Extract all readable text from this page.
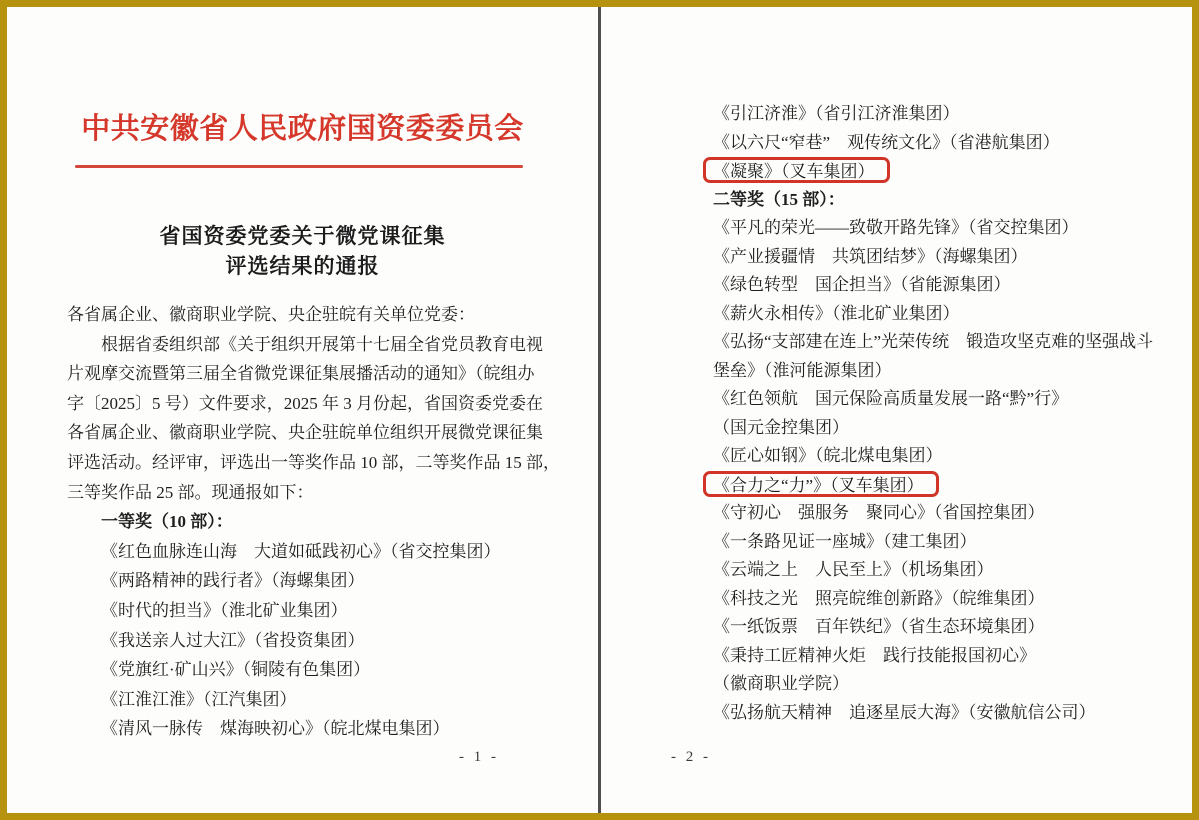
中共安徽省人民政府国资委委员会
省国资委党委关于微党课征集
评选结果的通报
各省属企业、徽商职业学院、央企驻皖有关单位党委：
根据省委组织部《关于组织开展第十七届全省党员教育电视
片观摩交流暨第三届全省微党课征集展播活动的通知》（皖组办
字〔2025〕5 号）文件要求，2025 年 3 月份起，省国资委党委在
各省属企业、徽商职业学院、央企驻皖单位组织开展微党课征集
评选活动。经评审，评选出一等奖作品 10 部，二等奖作品 15 部，
三等奖作品 25 部。现通报如下：
一等奖（10 部）：
《红色血脉连山海　大道如砥践初心》（省交控集团）
《两路精神的践行者》（海螺集团）
《时代的担当》（淮北矿业集团）
《我送亲人过大江》（省投资集团）
《党旗红·矿山兴》（铜陵有色集团）
《江淮江淮》（江汽集团）
《清风一脉传　煤海映初心》（皖北煤电集团）
- 1 -
《引江济淮》（省引江济淮集团）
《以六尺“窄巷”　观传统文化》（省港航集团）
《凝聚》（叉车集团）
二等奖（15 部）：
《平凡的荣光——致敬开路先锋》（省交控集团）
《产业援疆情　共筑团结梦》（海螺集团）
《绿色转型　国企担当》（省能源集团）
《薪火永相传》（淮北矿业集团）
《弘扬“支部建在连上”光荣传统　锻造攻坚克难的坚强战斗
堡垒》（淮河能源集团）
《红色领航　国元保险高质量发展一路“黔”行》
（国元金控集团）
《匠心如钢》（皖北煤电集团）
《合力之“力”》（叉车集团）
《守初心　强服务　聚同心》（省国控集团）
《一条路见证一座城》（建工集团）
《云端之上　人民至上》（机场集团）
《科技之光　照亮皖维创新路》（皖维集团）
《一纸饭票　百年铁纪》（省生态环境集团）
《秉持工匠精神火炬　践行技能报国初心》
（徽商职业学院）
《弘扬航天精神　追逐星辰大海》（安徽航信公司）
- 2 -
